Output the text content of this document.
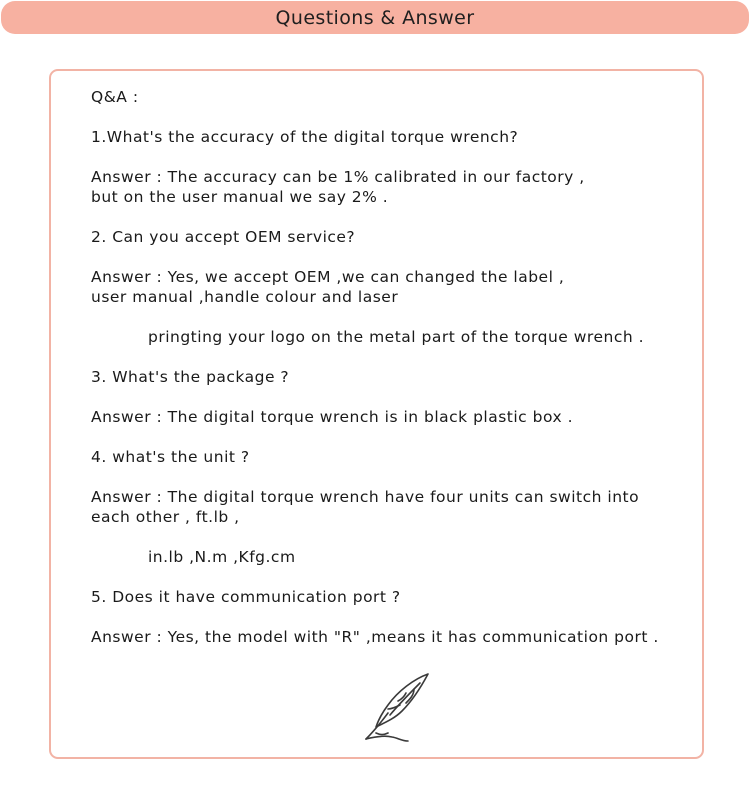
Questions & Answer
Q&A :
1.What's the accuracy of the digital torque wrench?
Answer : The accuracy can be 1% calibrated in our factory ,
but on the user manual we say 2% .
2. Can you accept OEM service?
Answer : Yes, we accept OEM ,we can changed the label ,
user manual ,handle colour and laser
pringting your logo on the metal part of the torque wrench .
3. What's the package ?
Answer : The digital torque wrench is in black plastic box .
4. what's the unit ?
Answer : The digital torque wrench have four units can switch into
each other , ft.lb ,
in.lb ,N.m ,Kfg.cm
5. Does it have communication port ?
Answer : Yes, the model with "R" ,means it has communication port .
